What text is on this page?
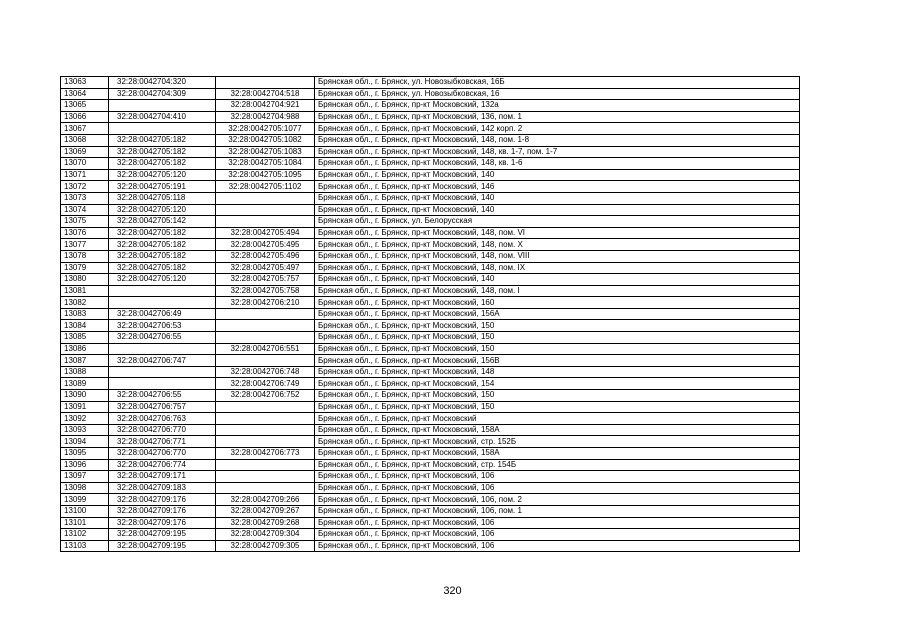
13063	32:28:0042704:320		Брянская обл., г. Брянск, ул. Новозыбковская, 16Б
13064	32:28:0042704:309	32:28:0042704:518	Брянская обл., г. Брянск, ул. Новозыбковская, 16
13065		32:28:0042704:921	Брянская обл., г. Брянск, пр-кт Московский, 132а
13066	32:28:0042704:410	32:28:0042704:988	Брянская обл., г. Брянск, пр-кт Московский, 136, пом. 1
13067		32:28:0042705:1077	Брянская обл., г. Брянск, пр-кт Московский, 142 корп. 2
13068	32:28:0042705:182	32:28:0042705:1082	Брянская обл., г. Брянск, пр-кт Московский, 148, пом. 1-8
13069	32:28:0042705:182	32:28:0042705:1083	Брянская обл., г. Брянск, пр-кт Московский, 148, кв. 1-7, пом. 1-7
13070	32:28:0042705:182	32:28:0042705:1084	Брянская обл., г. Брянск, пр-кт Московский, 148, кв. 1-6
13071	32:28:0042705:120	32:28:0042705:1095	Брянская обл., г. Брянск, пр-кт Московский, 140
13072	32:28:0042705:191	32:28:0042705:1102	Брянская обл., г. Брянск, пр-кт Московский, 146
13073	32:28:0042705:118		Брянская обл., г. Брянск, пр-кт Московский, 140
13074	32:28:0042705:120		Брянская обл., г. Брянск, пр-кт Московский, 140
13075	32:28:0042705:142		Брянская обл., г. Брянск, ул. Белорусская
13076	32:28:0042705:182	32:28:0042705:494	Брянская обл., г. Брянск, пр-кт Московский, 148, пом. VI
13077	32:28:0042705:182	32:28:0042705:495	Брянская обл., г. Брянск, пр-кт Московский, 148, пом. X
13078	32:28:0042705:182	32:28:0042705:496	Брянская обл., г. Брянск, пр-кт Московский, 148, пом. VIII
13079	32:28:0042705:182	32:28:0042705:497	Брянская обл., г. Брянск, пр-кт Московский, 148, пом. IX
13080	32:28:0042705:120	32:28:0042705:757	Брянская обл., г. Брянск, пр-кт Московский, 140
13081		32:28:0042705:758	Брянская обл., г. Брянск, пр-кт Московский, 148, пом. I
13082		32:28:0042706:210	Брянская обл., г. Брянск, пр-кт Московский, 160
13083	32:28:0042706:49		Брянская обл., г. Брянск, пр-кт Московский, 156А
13084	32:28:0042706:53		Брянская обл., г. Брянск, пр-кт Московский, 150
13085	32:28:0042706:55		Брянская обл., г. Брянск, пр-кт Московский, 150
13086		32:28:0042706:551	Брянская обл., г. Брянск, пр-кт Московский, 150
13087	32:28:0042706:747		Брянская обл., г. Брянск, пр-кт Московский, 156В
13088		32:28:0042706:748	Брянская обл., г. Брянск, пр-кт Московский, 148
13089		32:28:0042706:749	Брянская обл., г. Брянск, пр-кт Московский, 154
13090	32:28:0042706:55	32:28:0042706:752	Брянская обл., г. Брянск, пр-кт Московский, 150
13091	32:28:0042706:757		Брянская обл., г. Брянск, пр-кт Московский, 150
13092	32:28:0042706:763		Брянская обл., г. Брянск, пр-кт Московский
13093	32:28:0042706:770		Брянская обл., г. Брянск, пр-кт Московский, 158А
13094	32:28:0042706:771		Брянская обл., г. Брянск, пр-кт Московский, стр. 152Б
13095	32:28:0042706:770	32:28:0042706:773	Брянская обл., г. Брянск, пр-кт Московский, 158А
13096	32:28:0042706:774		Брянская обл., г. Брянск, пр-кт Московский, стр. 154Б
13097	32:28:0042709:171		Брянская обл., г. Брянск, пр-кт Московский, 106
13098	32:28:0042709:183		Брянская обл., г. Брянск, пр-кт Московский, 106
13099	32:28:0042709:176	32:28:0042709:266	Брянская обл., г. Брянск, пр-кт Московский, 106, пом. 2
13100	32:28:0042709:176	32:28:0042709:267	Брянская обл., г. Брянск, пр-кт Московский, 106, пом. 1
13101	32:28:0042709:176	32:28:0042709:268	Брянская обл., г. Брянск, пр-кт Московский, 106
13102	32:28:0042709:195	32:28:0042709:304	Брянская обл., г. Брянск, пр-кт Московский, 106
13103	32:28:0042709:195	32:28:0042709:305	Брянская обл., г. Брянск, пр-кт Московский, 106
320
